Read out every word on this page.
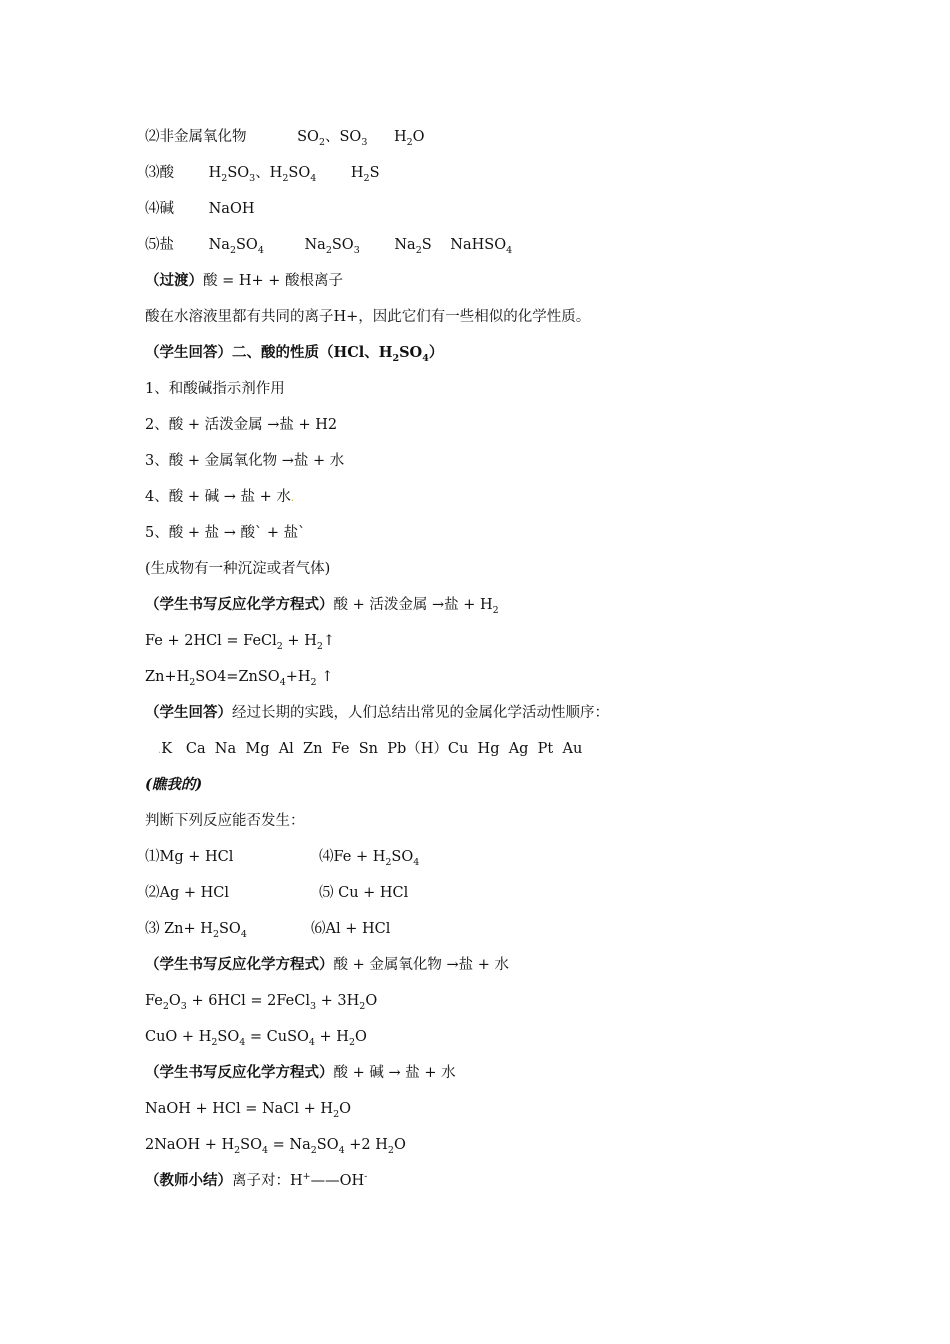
⑵非金属氧化物	$SO_2$、$SO_3$ $H_2O$
⑶酸 $H_2SO_3$、$H_2SO_4$ $H_2S$
⑷碱 NaOH
⑸盐 $Na_2SO_4$	$Na_2SO_3$ $Na_2S$ NaHSO$_4$
（过渡）酸 = H+ + 酸根离子
酸在水溶液里都有共同的离子H+，因此它们有一些相似的化学性质。
（学生回答）二、酸的性质（HCl、$H_2SO_4$）
1、和酸碱指示剂作用
2、酸 + 活泼金属 →盐 + H2
3、酸 + 金属氧化物 →盐 + 水
4、酸 + 碱 → 盐 + 水.
5、酸 + 盐 → 酸` + 盐`
(生成物有一种沉淀或者气体)
（学生书写反应化学方程式）酸 + 活泼金属 →盐 + $H_2$
Fe + 2HCl = FeCl$_2$ + $H_2↑$
$Zn+H_2SO4=ZnSO_4+H_2$ ↑
（学生回答）经过长期的实践，人们总结出常见的金属化学活动性顺序：
.K   Ca  Na  Mg  Al  Zn  Fe  Sn  Pb（H）Cu  Hg  Ag  Pt  Au
(瞧我的)
判断下列反应能否发生：
⑴Mg + HCl	⑷Fe + $H_2SO_4$
⑵Ag + HCl	⑸ Cu + HCl
⑶ $Zn+ H_2SO_4$	⑹Al + HCl
（学生书写反应化学方程式）酸 + 金属氧化物 →盐 + 水
$Fe_2O_3 + 6HCl$ = 2FeCl$_3$ + $3H_2O$
CuO + $H_2SO_4$ = CuSO$_4$ + $H_2O$
（学生书写反应化学方程式）酸 + 碱 → 盐 + 水
NaOH + HCl = NaCl + $H_2O$
2NaOH + $H_2SO_4 = Na_2SO_4 +2$ $H_2O$
（教师小结）离子对：H+——OH-
